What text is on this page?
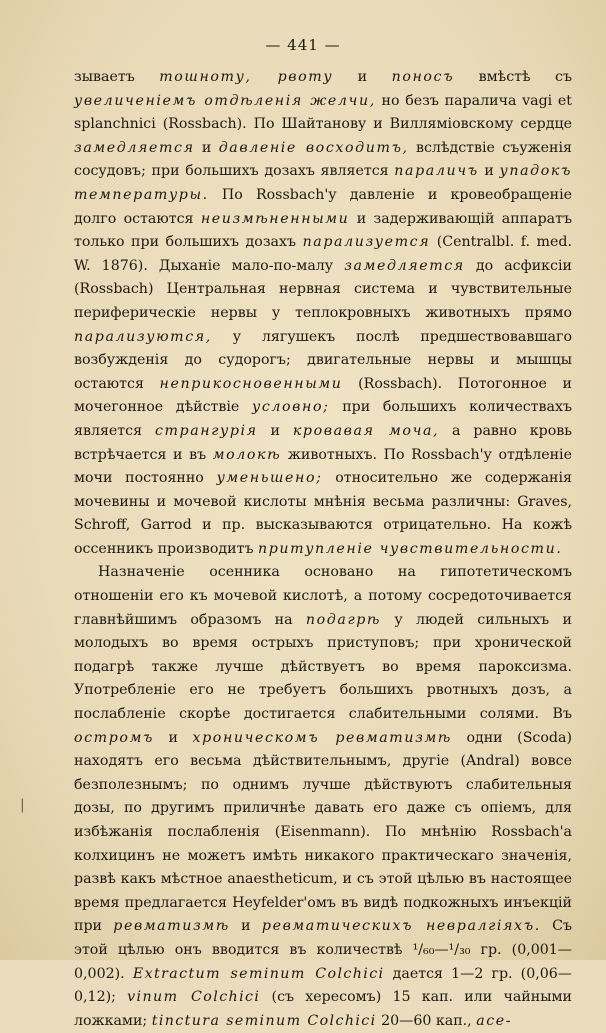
— 441 —

зываетъ тошноту, рвоту и поносъ вмѣстѣ съ увеличеніемъ отдѣленія желчи, но безъ паралича vagi et splanchnici (Rossbach). По Шайтанову и Вилляміовскому сердце замедляется и давленіе восходитъ, вслѣдствіе съуженія сосудовъ; при большихъ дозахъ является параличъ и упадокъ температуры. По Rossbach'у давленіе и кровеобращеніе долго остаются неизмѣненными и задерживающій аппаратъ только при большихъ дозахъ парализуется (Centralbl. f. med. W. 1876). Дыханіе мало-по-малу замедляется до асфиксіи (Rossbach) Центральная нервная система и чувствительные периферическіе нервы у теплокровныхъ животныхъ прямо парализуются, у лягушекъ послѣ предшествовавшаго возбужденія до судорогъ; двигательные нервы и мышцы остаются неприкосновенными (Rossbach). Потогонное и мочегонное дѣйствіе условно; при большихъ количествахъ является странгурія и кровавая моча, а равно кровь встрѣчается и въ молокѣ животныхъ. По Rossbach'у отдѣленіе мочи постоянно уменьшено; относительно же содержанія мочевины и мочевой кислоты мнѣнія весьма различны: Graves, Schroff, Garrod и пр. высказываются отрицательно. На кожѣ оссенникъ производитъ притупленіе чувствительности.

Назначеніе осенника основано на гипотетическомъ отношеніи его къ мочевой кислотѣ, а потому сосредоточивается главнѣйшимъ образомъ на подагрѣ у людей сильныхъ и молодыхъ во время острыхъ приступовъ; при хронической подагрѣ также лучше дѣйствуетъ во время пароксизма. Употребленіе его не требуетъ большихъ рвотныхъ дозъ, а послабленіе скорѣе достигается слабительными солями. Въ остромъ и хроническомъ ревматизмѣ одни (Scoda) находятъ его весьма дѣйствительнымъ, другіе (Andral) вовсе безполезнымъ; по однимъ лучше дѣйствуютъ слабительныя дозы, по другимъ приличнѣе давать его даже съ опіемъ, для избѣжанія послабленія (Eisenmann). По мнѣнію Rossbach'а колхицинъ не можетъ имѣть никакого практическаго значенія, развѣ какъ мѣстное anaestheticum, и съ этой цѣлью въ настоящее время предлагается Heyfelder'омъ въ видѣ подкожныхъ инъекцій при ревматизмѣ и ревматическихъ невралгіяхъ. Съ этой цѣлью онъ вводится въ количествѣ ¹/₆₀—¹/₃₀ гр. (0,001—0,002). Extractum seminum Colchici дается 1—2 гр. (0,06—0,12); vinum Colchici (съ хересомъ) 15 кап. или чайными ложками; tinctura seminum Colchici 20—60 кап., асе-

|
